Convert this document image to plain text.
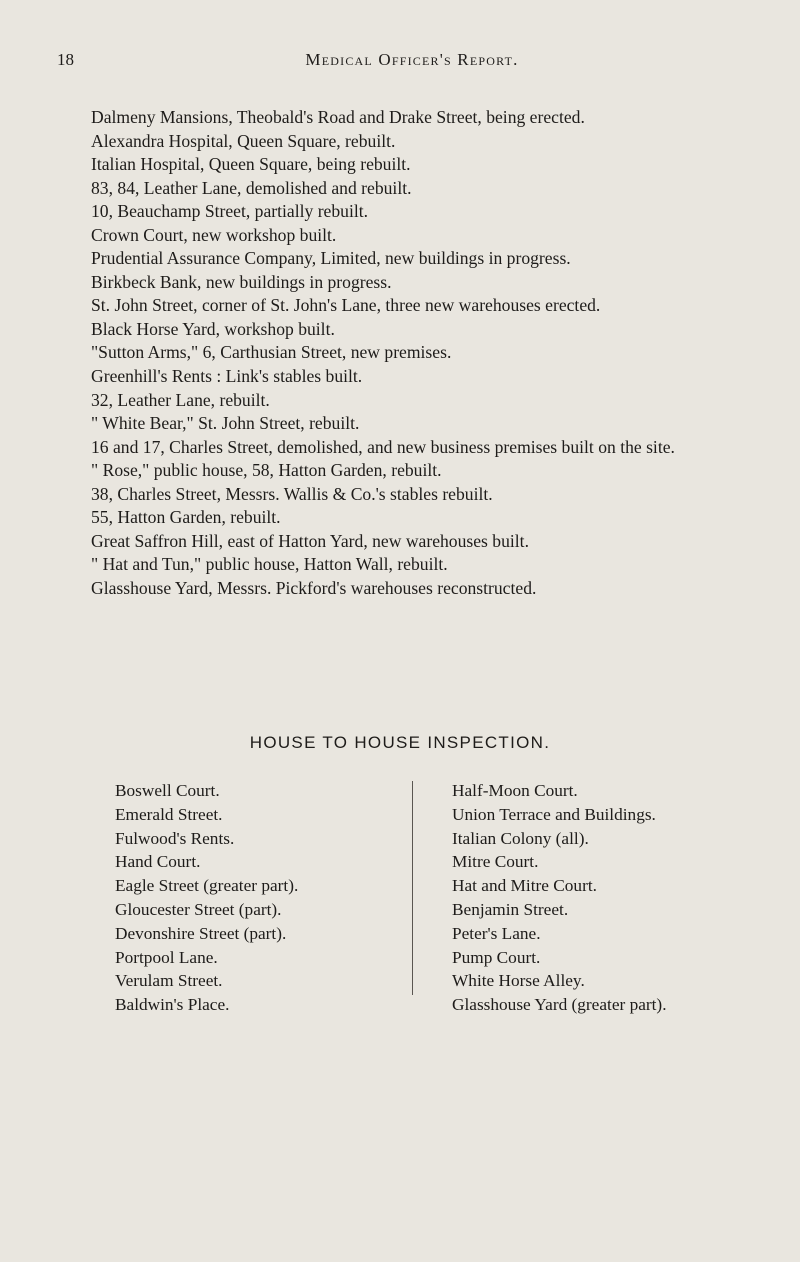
18	Medical Officer's Report.
Dalmeny Mansions, Theobald's Road and Drake Street, being erected.
Alexandra Hospital, Queen Square, rebuilt.
Italian Hospital, Queen Square, being rebuilt.
83, 84, Leather Lane, demolished and rebuilt.
10, Beauchamp Street, partially rebuilt.
Crown Court, new workshop built.
Prudential Assurance Company, Limited, new buildings in progress.
Birkbeck Bank, new buildings in progress.
St. John Street, corner of St. John's Lane, three new warehouses erected.
Black Horse Yard, workshop built.
"Sutton Arms," 6, Carthusian Street, new premises.
Greenhill's Rents : Link's stables built.
32, Leather Lane, rebuilt.
" White Bear," St. John Street, rebuilt.
16 and 17, Charles Street, demolished, and new business premises built on the site.
" Rose," public house, 58, Hatton Garden, rebuilt.
38, Charles Street, Messrs. Wallis & Co.'s stables rebuilt.
55, Hatton Garden, rebuilt.
Great Saffron Hill, east of Hatton Yard, new warehouses built.
" Hat and Tun," public house, Hatton Wall, rebuilt.
Glasshouse Yard, Messrs. Pickford's warehouses reconstructed.
HOUSE TO HOUSE INSPECTION.
Boswell Court.
Emerald Street.
Fulwood's Rents.
Hand Court.
Eagle Street (greater part).
Gloucester Street (part).
Devonshire Street (part).
Portpool Lane.
Verulam Street.
Baldwin's Place.
Half-Moon Court.
Union Terrace and Buildings.
Italian Colony (all).
Mitre Court.
Hat and Mitre Court.
Benjamin Street.
Peter's Lane.
Pump Court.
White Horse Alley.
Glasshouse Yard (greater part).
